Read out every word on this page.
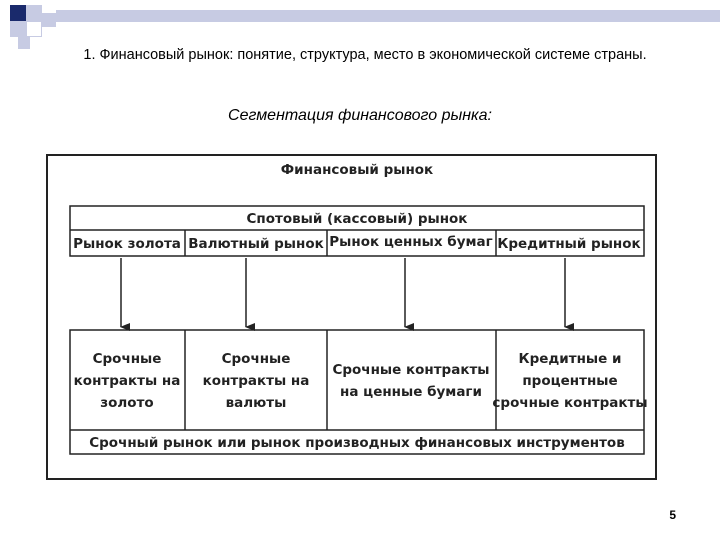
1. Финансовый рынок: понятие, структура, место в экономической системе страны.
Сегментация финансового рынка:
Финансовый рынок
Спотовый (кассовый) рынок
Рынок золота Валютный рынок Рынок ценных бумаг Кредитный рынок
Срочные
контракты на
золото
Срочные
контракты на
валюты
Срочные контракты
на ценные бумаги
Кредитные и
процентные
срочные контракты
Срочный рынок или рынок производных финансовых инструментов
5
